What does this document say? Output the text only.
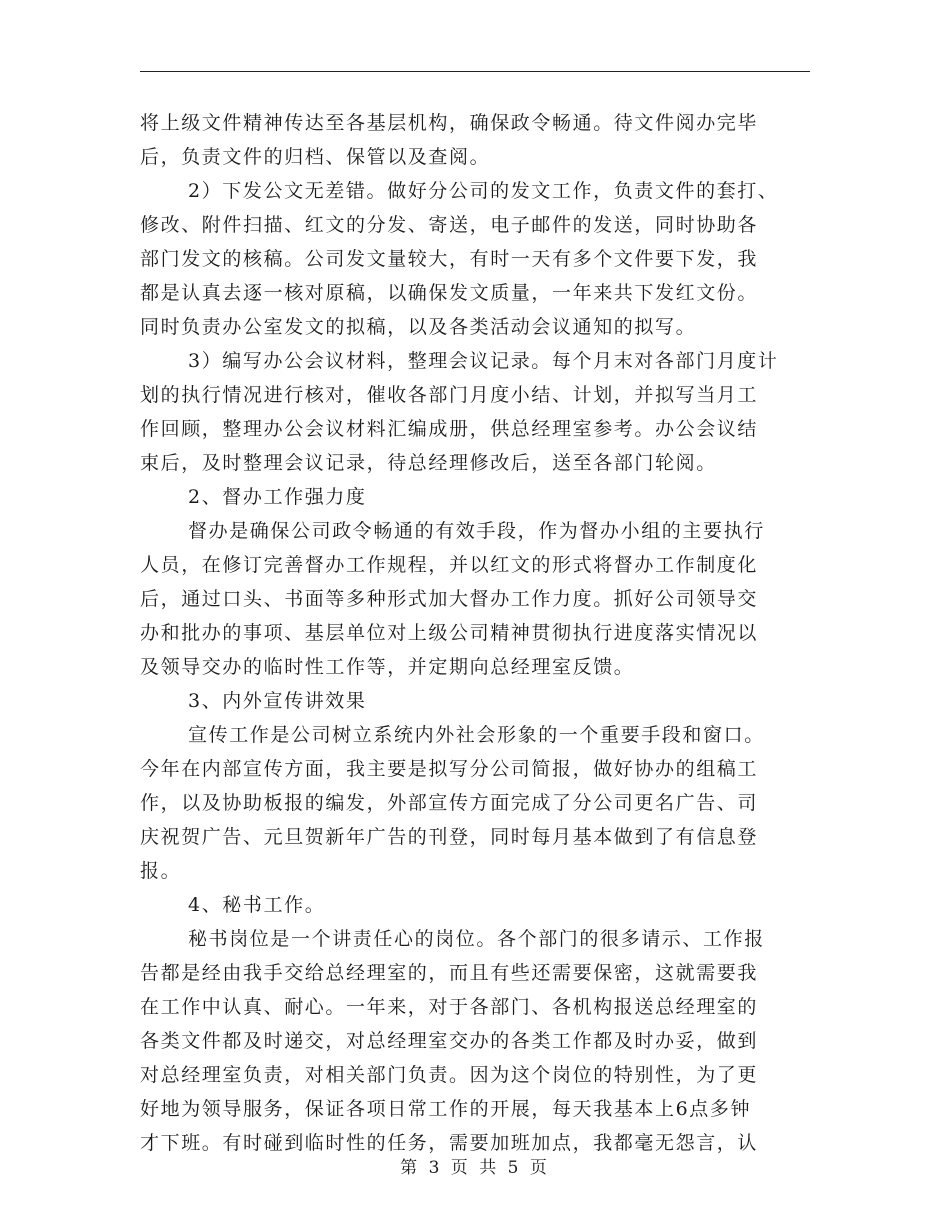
将上级文件精神传达至各基层机构，确保政令畅通。待文件阅办完毕
后，负责文件的归档、保管以及查阅。
2）下发公文无差错。做好分公司的发文工作，负责文件的套打、
修改、附件扫描、红文的分发、寄送，电子邮件的发送，同时协助各
部门发文的核稿。公司发文量较大，有时一天有多个文件要下发，我
都是认真去逐一核对原稿，以确保发文质量，一年来共下发红文份。
同时负责办公室发文的拟稿，以及各类活动会议通知的拟写。
3）编写办公会议材料，整理会议记录。每个月末对各部门月度计
划的执行情况进行核对，催收各部门月度小结、计划，并拟写当月工
作回顾，整理办公会议材料汇编成册，供总经理室参考。办公会议结
束后，及时整理会议记录，待总经理修改后，送至各部门轮阅。
2、督办工作强力度
督办是确保公司政令畅通的有效手段，作为督办小组的主要执行
人员，在修订完善督办工作规程，并以红文的形式将督办工作制度化
后，通过口头、书面等多种形式加大督办工作力度。抓好公司领导交
办和批办的事项、基层单位对上级公司精神贯彻执行进度落实情况以
及领导交办的临时性工作等，并定期向总经理室反馈。
3、内外宣传讲效果
宣传工作是公司树立系统内外社会形象的一个重要手段和窗口。
今年在内部宣传方面，我主要是拟写分公司简报，做好协办的组稿工
作，以及协助板报的编发，外部宣传方面完成了分公司更名广告、司
庆祝贺广告、元旦贺新年广告的刊登，同时每月基本做到了有信息登
报。
4、秘书工作。
秘书岗位是一个讲责任心的岗位。各个部门的很多请示、工作报
告都是经由我手交给总经理室的，而且有些还需要保密，这就需要我
在工作中认真、耐心。一年来，对于各部门、各机构报送总经理室的
各类文件都及时递交，对总经理室交办的各类工作都及时办妥，做到
对总经理室负责，对相关部门负责。因为这个岗位的特别性，为了更
好地为领导服务，保证各项日常工作的开展，每天我基本上6点多钟
才下班。有时碰到临时性的任务，需要加班加点，我都毫无怨言，认
第 3 页 共 5 页
